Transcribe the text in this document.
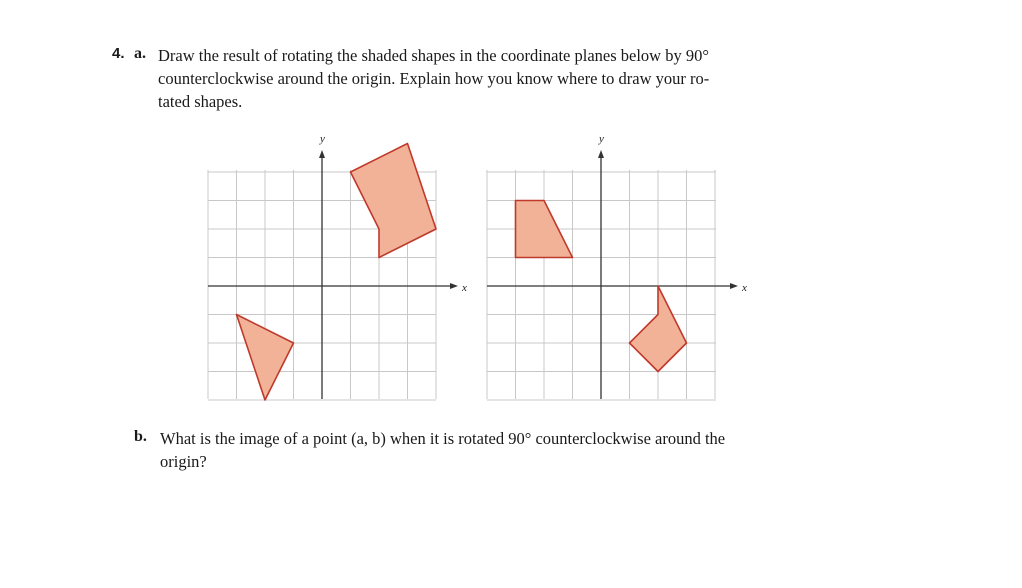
4. a. Draw the result of rotating the shaded shapes in the coordinate planes below by 90°
counterclockwise around the origin. Explain how you know where to draw your ro-
tated shapes.
y
x
y
x
b. What is the image of a point (a, b) when it is rotated 90° counterclockwise around the
origin?
